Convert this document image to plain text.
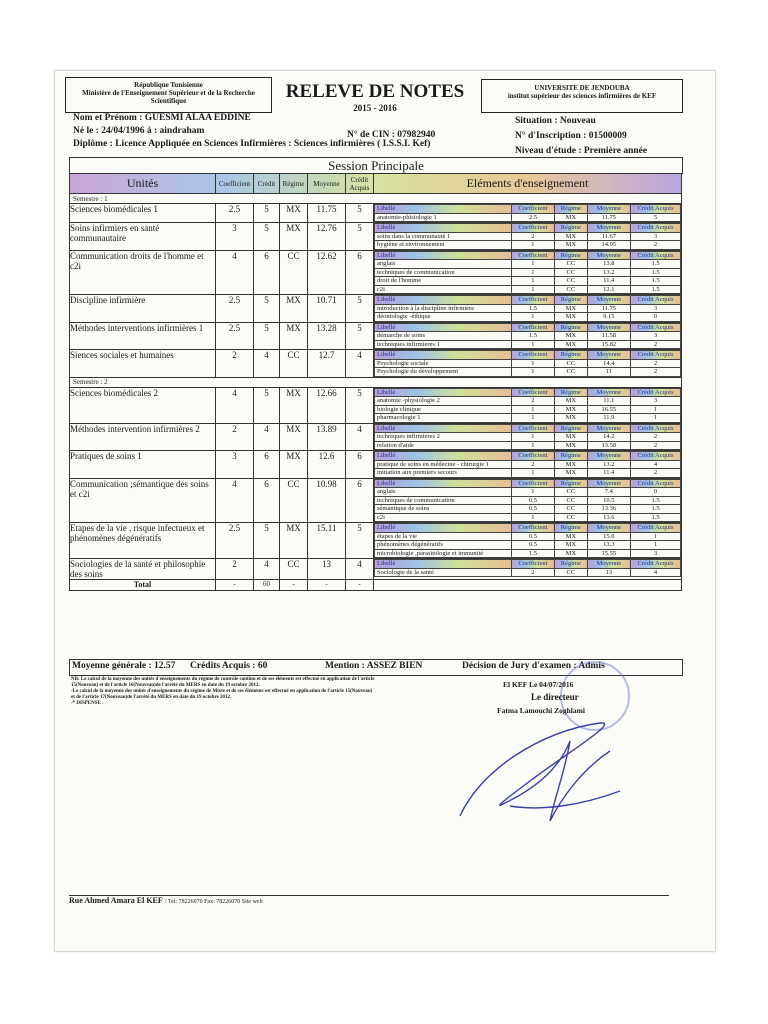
République Tunisienne
Ministère de l'Enseignement Supérieur et de la Recherche
Scientifique	RELEVE DE NOTES
2015 - 2016
UNIVERSITE DE JENDOUBA
institut supérieur des sciences infirmières de KEF
Nom et Prénom : GUESMI ALAA EDDINE
Né le : 24/04/1996 à : aindraham	N° de CIN : 07982940
Situation : Nouveau
N° d'Inscription : 01500009
Diplôme : Licence Appliquée en Sciences Infirmières : Sciences infirmières ( I.S.S.I. Kef)
Niveau d'étude : Première année
Session Principale
Unités	Coefficient	Crédit	Régime	Moyenne	Crédit Acquis	Eléments d'enseignement
Semestre : 1
Sciences biomédicales 1	2.5	5	MX	11.75	5	Libellé	Coefficient	Régime	Moyenne	Crédit Acquis
anatomie-phisiologie 1	2.5	MX	11.75	5

Soins infirmiers en santé communautaire	3	5	MX	12.76	5	Libellé	Coefficient	Régime	Moyenne	Crédit Acquis
soins dans la communauté 1	2	MX	11.67	3
hygiène et environnement	1	MX	14.95	2

Communication droits de l'homme et c2i	4	6	CC	12.62	6	Libellé	Coefficient	Régime	Moyenne	Crédit Acquis
anglais	1	CC	13.8	1.5
techniques de communication	1	CC	13.2	1.5
droit de l'homme	1	CC	11.4	1.5
c2i	1	CC	12.1	1.5

Discipline infirmière	2.5	5	MX	10.71	5	Libellé	Coefficient	Régime	Moyenne	Crédit Acquis
introduction à la discipline infirmière	1.5	MX	11.75	3
déontologie -éthique	1	MX	9.15	0

Méthodes interventions infirmières 1	2.5	5	MX	13.28	5	Libellé	Coefficient	Régime	Moyenne	Crédit Acquis
démarche de soins	1.5	MX	11.58	3
techniques infirmieres 1	1	MX	15.82	2

Siences sociales et humaines	2	4	CC	12.7	4	Libellé	Coefficient	Régime	Moyenne	Crédit Acquis
Psychologie sociale	1	CC	14.4	2
Psychologie du développement	1	CC	11	2

Semestre : 2
Sciences biomédicales 2	4	5	MX	12.66	5	Libellé	Coefficient	Régime	Moyenne	Crédit Acquis
anatomie -physiologie 2	2	MX	11.1	3
biologie clinique	1	MX	16.55	1
pharmacologie 1	1	MX	11.9	1

Méthodes intervention infirmières 2	2	4	MX	13.89	4	Libellé	Coefficient	Régime	Moyenne	Crédit Acquis
techniques infirmieres 2	1	MX	14.2	2
relation d'aide	1	MX	13.58	2

Pratiques de soins 1	3	6	MX	12.6	6	Libellé	Coefficient	Régime	Moyenne	Crédit Acquis
pratique de soins en médecine - chirurgie 1	2	MX	13.2	4
initiation aux premiers secours	1	MX	11.4	2

Communication ;sémantique des soins et c2i	4	6	CC	10.98	6	Libellé	Coefficient	Régime	Moyenne	Crédit Acquis
anglais	1	CC	7.4	0
techniques de communication	0.5	CC	10.5	1.5
sémantique de soins	0.5	CC	13.36	1.5
c2i	1	CC	13.6	1.5

Etapes de la vie , risque infectueux et phénomènes dégénératifs	2.5	5	MX	15.11	5	Libellé	Coefficient	Régime	Moyenne	Crédit Acquis
étapes de la vie	0.5	MX	15.6	1
phénomènes dégénératifs	0.5	MX	13.3	1
microbiologie ,parasitologie et immunité	1.5	MX	15.55	3

Sociologies de la santé et philosophie des soins	2	4	CC	13	4	Libellé	Coefficient	Régime	Moyenne	Crédit Acquis
Sociologie de la santé	2	CC	13	4

Total	-	60	-	-	-	
Moyenne générale : 12.57 Crédits Acquis : 60	Mention : ASSEZ BIEN	Décision de Jury d'examen : Admis
NB: Le calcul de la moyenne des unités d'enseignements du régime de contrôle continu et de ses éléments est effectué en application de l'article
15(Nouveau) et de l'article 16(Nouveau)de l'arrêté du MERS en date du 19 octobre 2012.
-Le calcul de la moyenne des unités d'enseignements du régime de Mixte et de ses éléments est effectué en application de l'article 15(Nouveau)
et de l'article 17(Nouveau)de l'arrêté du MERS en date du 19 octobre 2012.
-* DISPENSE .
El KEF Le 04/07/2016
Le directeur
Fatma Lamouchi Zoghlami
Rue Ahmed Amara El KEF / Tel: 78226070 Fax: 78226070 Site web
